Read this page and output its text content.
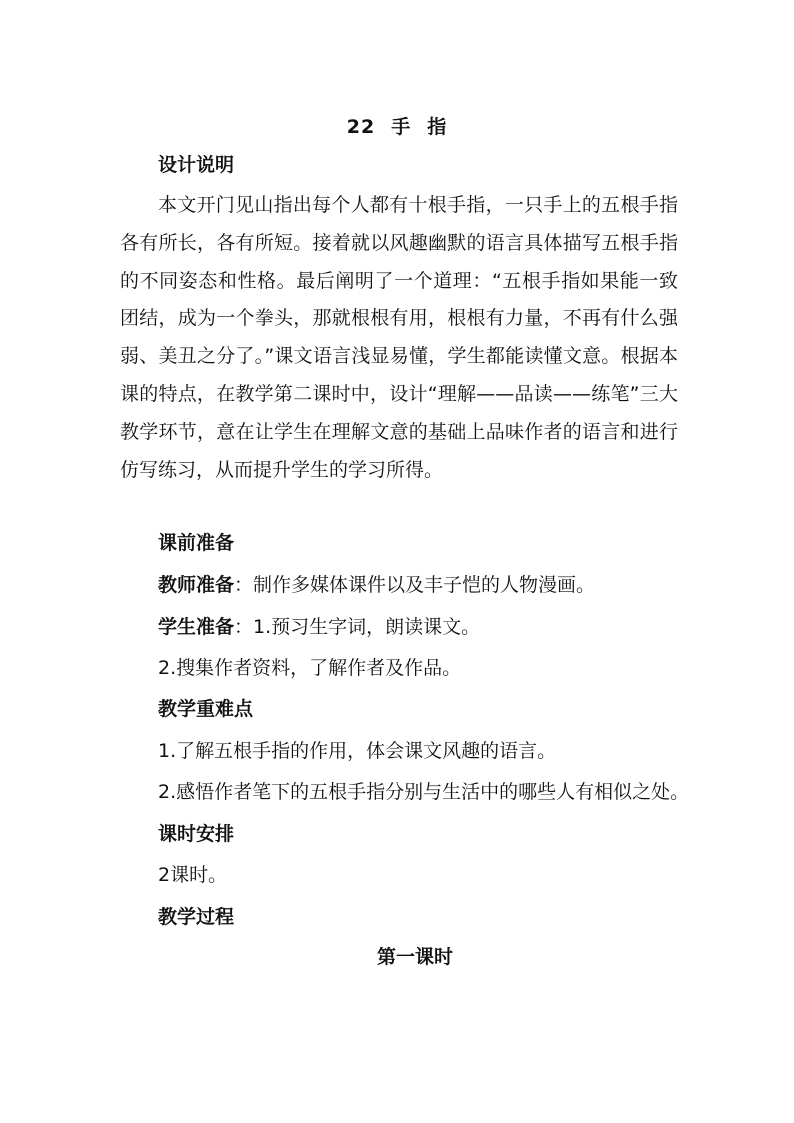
22 手 指
设计说明
本文开门见山指出每个人都有十根手指，一只手上的五根手指各有所长，各有所短。接着就以风趣幽默的语言具体描写五根手指的不同姿态和性格。最后阐明了一个道理：“五根手指如果能一致团结，成为一个拳头，那就根根有用，根根有力量，不再有什么强弱、美丑之分了。”课文语言浅显易懂，学生都能读懂文意。根据本课的特点，在教学第二课时中，设计“理解——品读——练笔”三大教学环节，意在让学生在理解文意的基础上品味作者的语言和进行仿写练习，从而提升学生的学习所得。
课前准备
教师准备：制作多媒体课件以及丰子恺的人物漫画。
学生准备：1.预习生字词，朗读课文。
2.搜集作者资料，了解作者及作品。
教学重难点
1.了解五根手指的作用，体会课文风趣的语言。
2.感悟作者笔下的五根手指分别与生活中的哪些人有相似之处。
课时安排
2课时。
教学过程
第一课时
